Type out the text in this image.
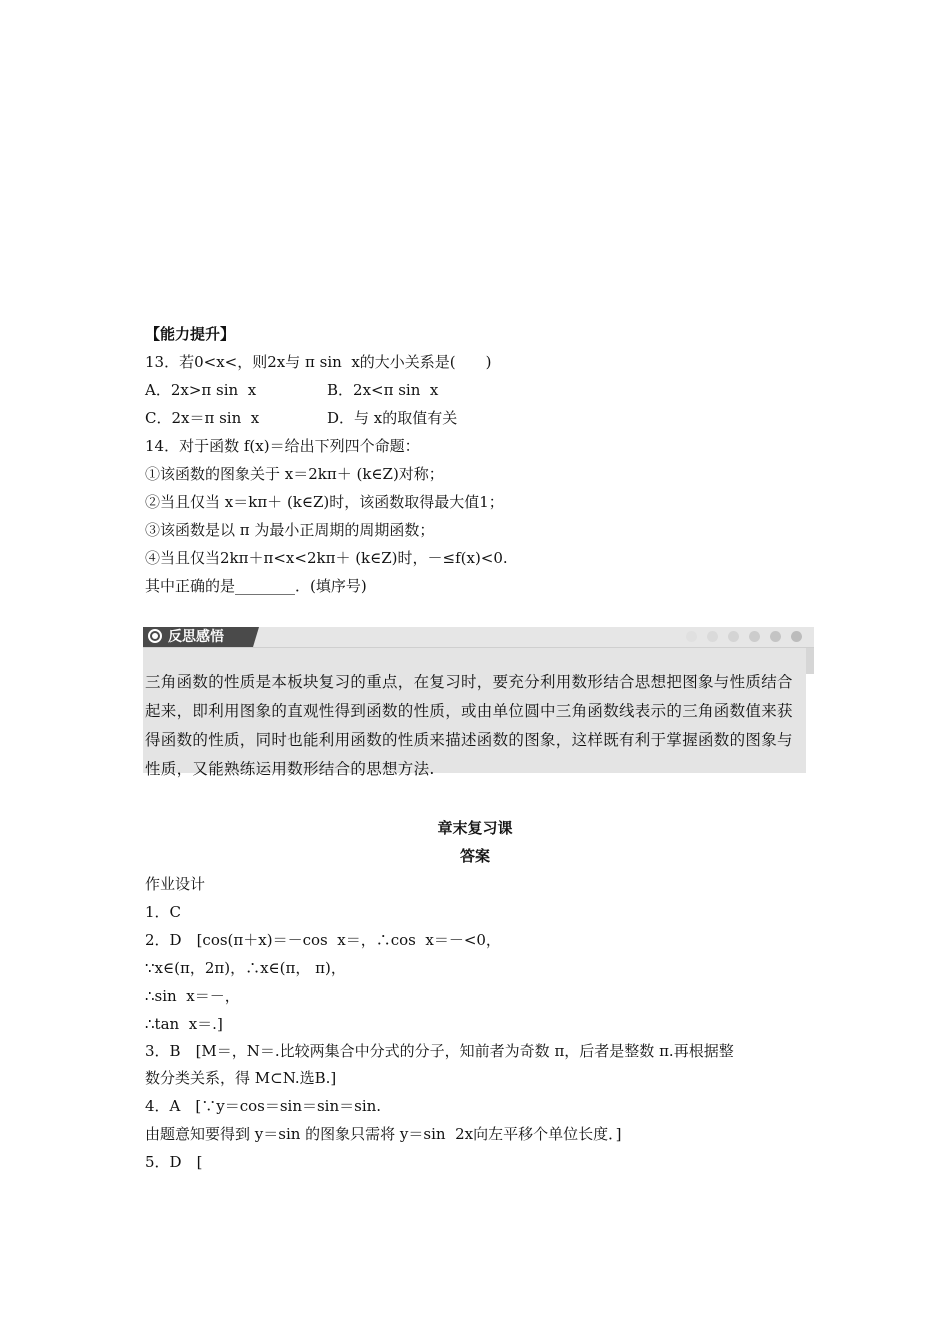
【能力提升】
13．若0<x<，则2x与 π sin  x的大小关系是(　　)
A．2x>π sin  x	B．2x<π sin  x
C．2x＝π sin  x	D．与 x的取值有关
14．对于函数 f(x)＝给出下列四个命题：
①该函数的图象关于 x＝2kπ＋ (k∈Z)对称；
②当且仅当 x＝kπ＋ (k∈Z)时，该函数取得最大值1；
③该函数是以 π 为最小正周期的周期函数；
④当且仅当2kπ＋π<x<2kπ＋ (k∈Z)时，－≤f(x)<0.
其中正确的是________．(填序号)
反思感悟

三角函数的性质是本板块复习的重点，在复习时，要充分利用数形结合思想把图象与性质结合起来，即利用图象的直观性得到函数的性质，或由单位圆中三角函数线表示的三角函数值来获得函数的性质，同时也能利用函数的性质来描述函数的图象，这样既有利于掌握函数的图象与性质，又能熟练运用数形结合的思想方法.

章末复习课
答案
作业设计
1．C
2．D　[cos(π＋x)＝－cos  x＝，∴cos  x＝－<0，
∵x∈(π，2π)，∴x∈(π， π)，
∴sin  x＝－，
∴tan  x＝.]
3．B　[M＝，N＝.比较两集合中分式的分子，知前者为奇数 π，后者是整数 π.再根据整
数分类关系，得 M⊂N.选B.]
4．A　[∵y＝cos＝sin＝sin＝sin.
由题意知要得到 y＝sin 的图象只需将 y＝sin  2x向左平移个单位长度．]
5．D　[
